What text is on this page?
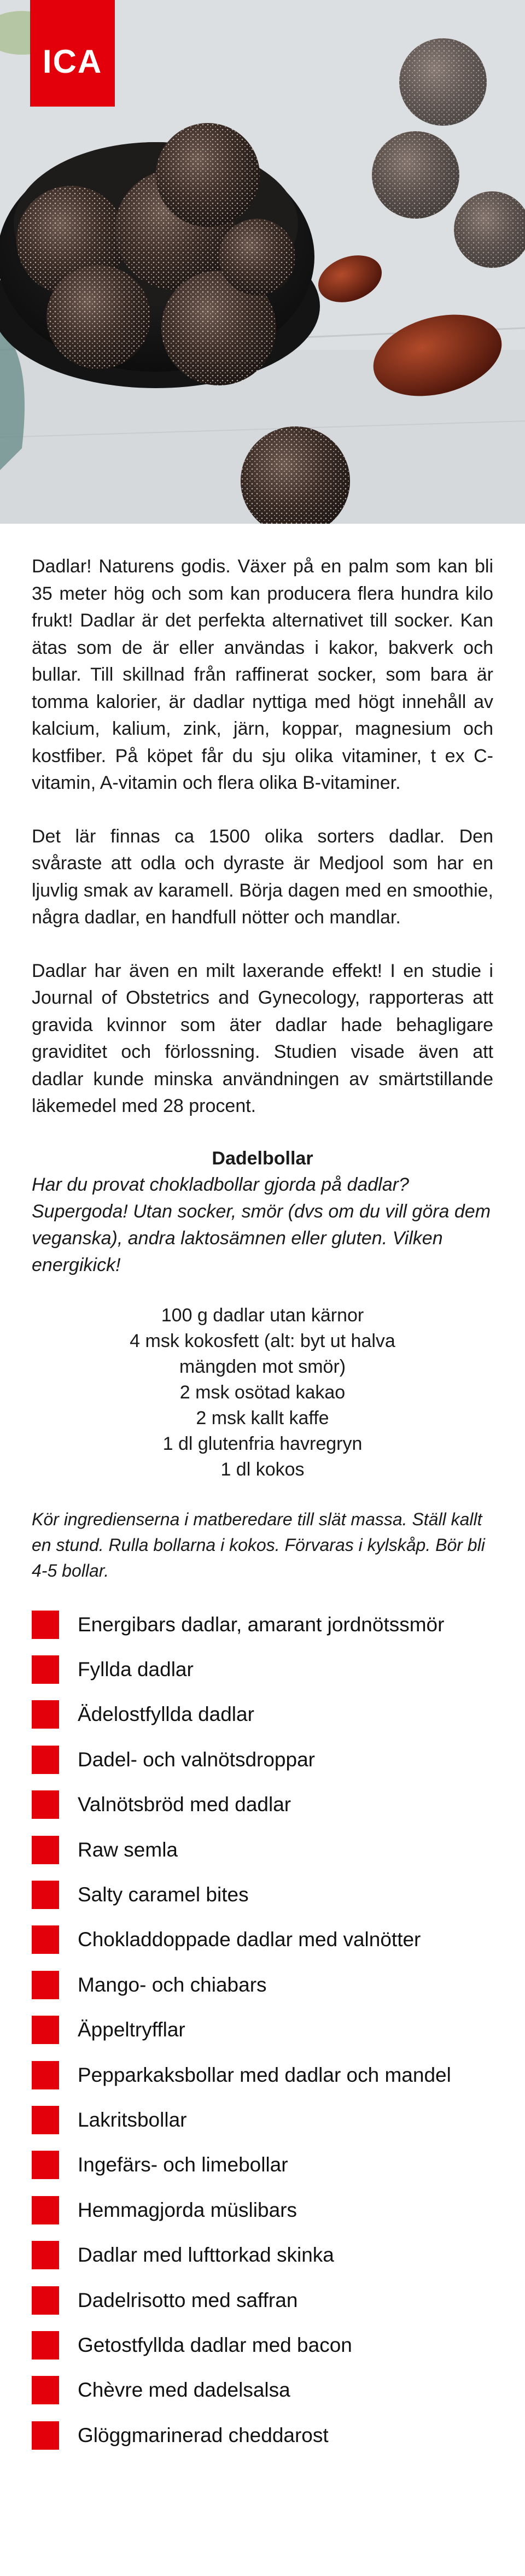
ICA

Dadlar! Naturens godis. Växer på en palm som kan bli 35 meter hög och som kan producera flera hundra kilo frukt! Dadlar är det perfekta alternativet till socker. Kan ätas som de är eller användas i kakor, bakverk och bullar. Till skillnad från raffinerat socker, som bara är tomma kalorier, är dadlar nyttiga med högt innehåll av kalcium, kalium, zink, järn, koppar, magnesium och kostfiber. På köpet får du sju olika vitaminer, t ex C-vitamin, A-vitamin och flera olika B-vitaminer.

Det lär finnas ca 1500 olika sorters dadlar. Den svåraste att odla och dyraste är Medjool som har en ljuvlig smak av karamell. Börja dagen med en smoothie, några dadlar, en handfull nötter och mandlar.

Dadlar har även en milt laxerande effekt! I en studie i Journal of Obstetrics and Gynecology, rapporteras att gravida kvinnor som äter dadlar hade behagligare graviditet och förlossning. Studien visade även att dadlar kunde minska användningen av smärtstillande läkemedel med 28 procent.

Dadelbollar

Har du provat chokladbollar gjorda på dadlar? Supergoda! Utan socker, smör (dvs om du vill göra dem veganska), andra laktosämnen eller gluten. Vilken energikick!

100 g dadlar utan kärnor
4 msk kokosfett (alt: byt ut halva
mängden mot smör)
2 msk osötad kakao
2 msk kallt kaffe
1 dl glutenfria havregryn
1 dl kokos
Kör ingredienserna i matberedare till slät massa. Ställ kallt en stund. Rulla bollarna i kokos. Förvaras i kylskåp. Bör bli 4-5 bollar.
Energibars dadlar, amarant jordnötssmör
Fyllda dadlar
Ädelostfyllda dadlar
Dadel- och valnötsdroppar
Valnötsbröd med dadlar
Raw semla
Salty caramel bites
Chokladdoppade dadlar med valnötter
Mango- och chiabars
Äppeltryfflar
Pepparkaksbollar med dadlar och mandel
Lakritsbollar
Ingefärs- och limebollar
Hemmagjorda müslibars
Dadlar med lufttorkad skinka
Dadelrisotto med saffran
Getostfyllda dadlar med bacon
Chèvre med dadelsalsa
Glöggmarinerad cheddarost
